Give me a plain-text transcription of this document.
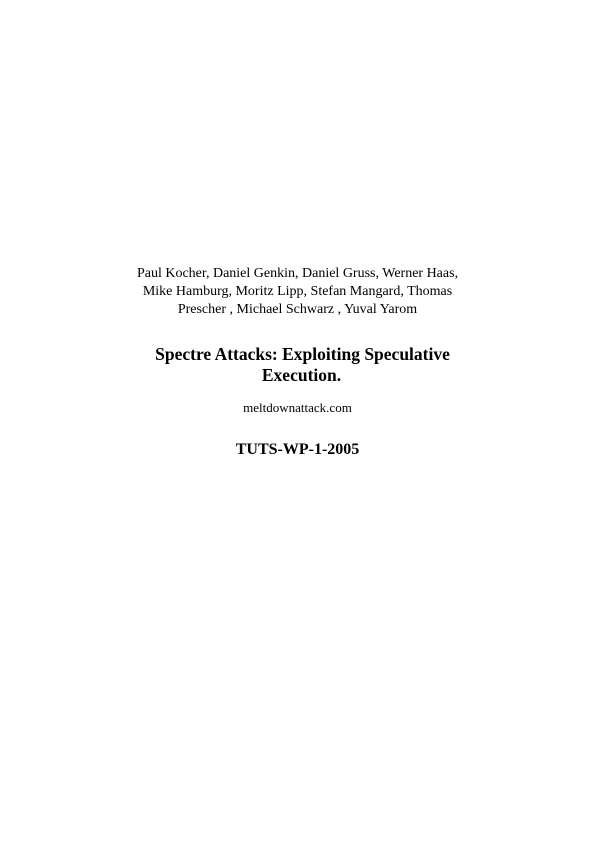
Paul Kocher, Daniel Genkin, Daniel Gruss, Werner Haas,
Mike Hamburg, Moritz Lipp, Stefan Mangard, Thomas
Prescher , Michael Schwarz , Yuval Yarom
Spectre Attacks: Exploiting Speculative
Execution.
meltdownattack.com
TUTS-WP-1-2005
